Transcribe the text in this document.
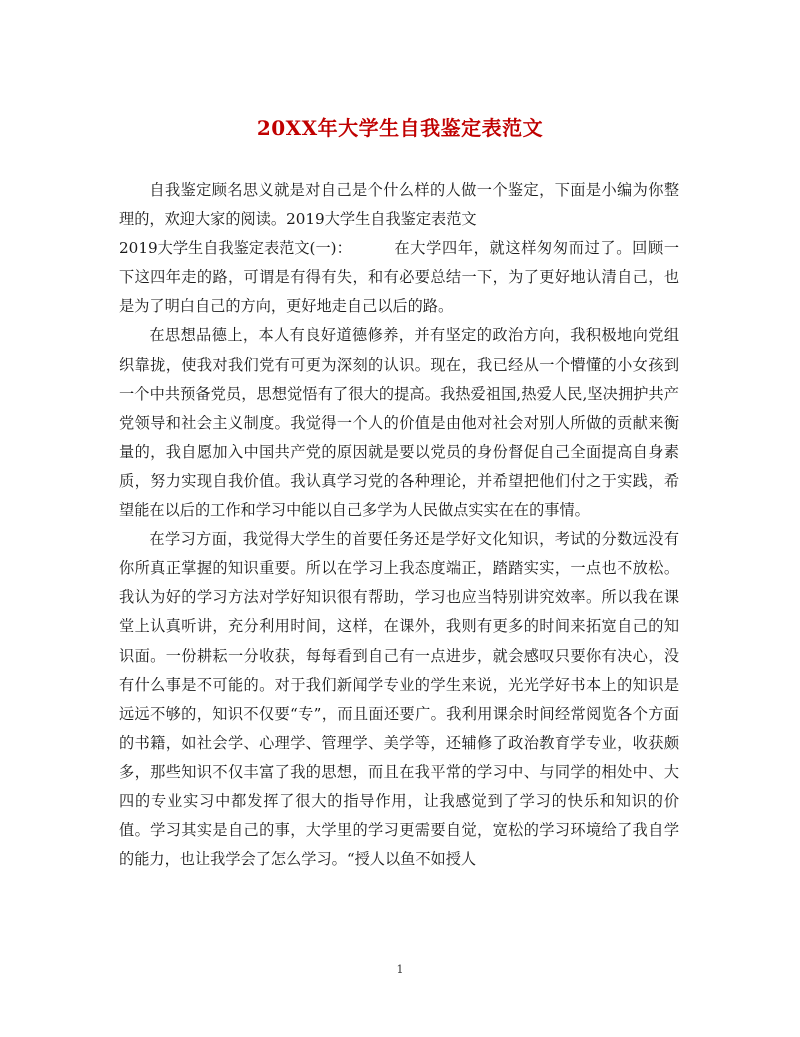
20XX年大学生自我鉴定表范文

自我鉴定顾名思义就是对自己是个什么样的人做一个鉴定，下面是小编为你整理的，欢迎大家的阅读。2019大学生自我鉴定表范文

2019大学生自我鉴定表范文(一)：	在大学四年，就这样匆匆而过了。回顾一下这四年走的路，可谓是有得有失，和有必要总结一下，为了更好地认清自己，也是为了明白自己的方向，更好地走自己以后的路。

在思想品德上，本人有良好道德修养，并有坚定的政治方向，我积极地向党组织靠拢，使我对我们党有可更为深刻的认识。现在，我已经从一个懵懂的小女孩到一个中共预备党员，思想觉悟有了很大的提高。我热爱祖国,热爱人民,坚决拥护共产党领导和社会主义制度。我觉得一个人的价值是由他对社会对别人所做的贡献来衡量的，我自愿加入中国共产党的原因就是要以党员的身份督促自己全面提高自身素质，努力实现自我价值。我认真学习党的各种理论，并希望把他们付之于实践，希望能在以后的工作和学习中能以自己多学为人民做点实实在在的事情。

在学习方面，我觉得大学生的首要任务还是学好文化知识，考试的分数远没有你所真正掌握的知识重要。所以在学习上我态度端正，踏踏实实，一点也不放松。我认为好的学习方法对学好知识很有帮助，学习也应当特别讲究效率。所以我在课堂上认真听讲，充分利用时间，这样，在课外，我则有更多的时间来拓宽自己的知识面。一份耕耘一分收获，每每看到自己有一点进步，就会感叹只要你有决心，没有什么事是不可能的。对于我们新闻学专业的学生来说，光光学好书本上的知识是远远不够的，知识不仅要“专”，而且面还要广。我利用课余时间经常阅览各个方面的书籍，如社会学、心理学、管理学、美学等，还辅修了政治教育学专业，收获颇多，那些知识不仅丰富了我的思想，而且在我平常的学习中、与同学的相处中、大四的专业实习中都发挥了很大的指导作用，让我感觉到了学习的快乐和知识的价值。学习其实是自己的事，大学里的学习更需要自觉，宽松的学习环境给了我自学的能力，也让我学会了怎么学习。“授人以鱼不如授人

1
